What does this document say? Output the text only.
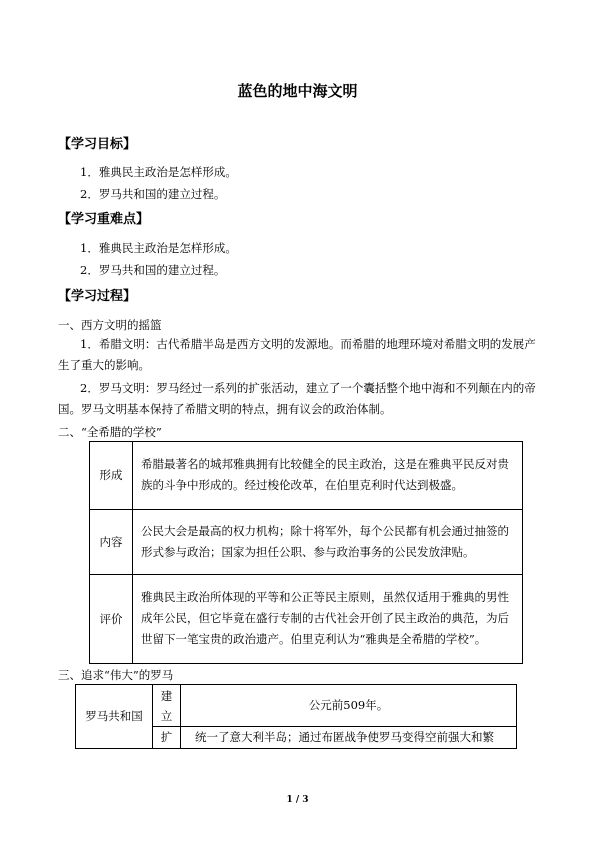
蓝色的地中海文明
【学习目标】
1．雅典民主政治是怎样形成。
2．罗马共和国的建立过程。
【学习重难点】
1．雅典民主政治是怎样形成。
2．罗马共和国的建立过程。
【学习过程】
一、西方文明的摇篮
1．希腊文明：古代希腊半岛是西方文明的发源地。而希腊的地理环境对希腊文明的发展产生了重大的影响。
2．罗马文明：罗马经过一系列的扩张活动，建立了一个囊括整个地中海和不列颠在内的帝国。罗马文明基本保持了希腊文明的特点，拥有议会的政治体制。
二、“全希腊的学校”
形成	希腊最著名的城邦雅典拥有比较健全的民主政治，这是在雅典平民反对贵族的斗争中形成的。经过梭伦改革，在伯里克利时代达到极盛。
内容	公民大会是最高的权力机构；除十将军外，每个公民都有机会通过抽签的形式参与政治；国家为担任公职、参与政治事务的公民发放津贴。
评价	雅典民主政治所体现的平等和公正等民主原则，虽然仅适用于雅典的男性成年公民，但它毕竟在盛行专制的古代社会开创了民主政治的典范，为后世留下一笔宝贵的政治遗产。伯里克利认为“雅典是全希腊的学校”。
三、追求“伟大”的罗马
罗马共和国	建立	公元前509年。
	扩	统一了意大利半岛；通过布匿战争使罗马变得空前强大和繁
1 / 3
